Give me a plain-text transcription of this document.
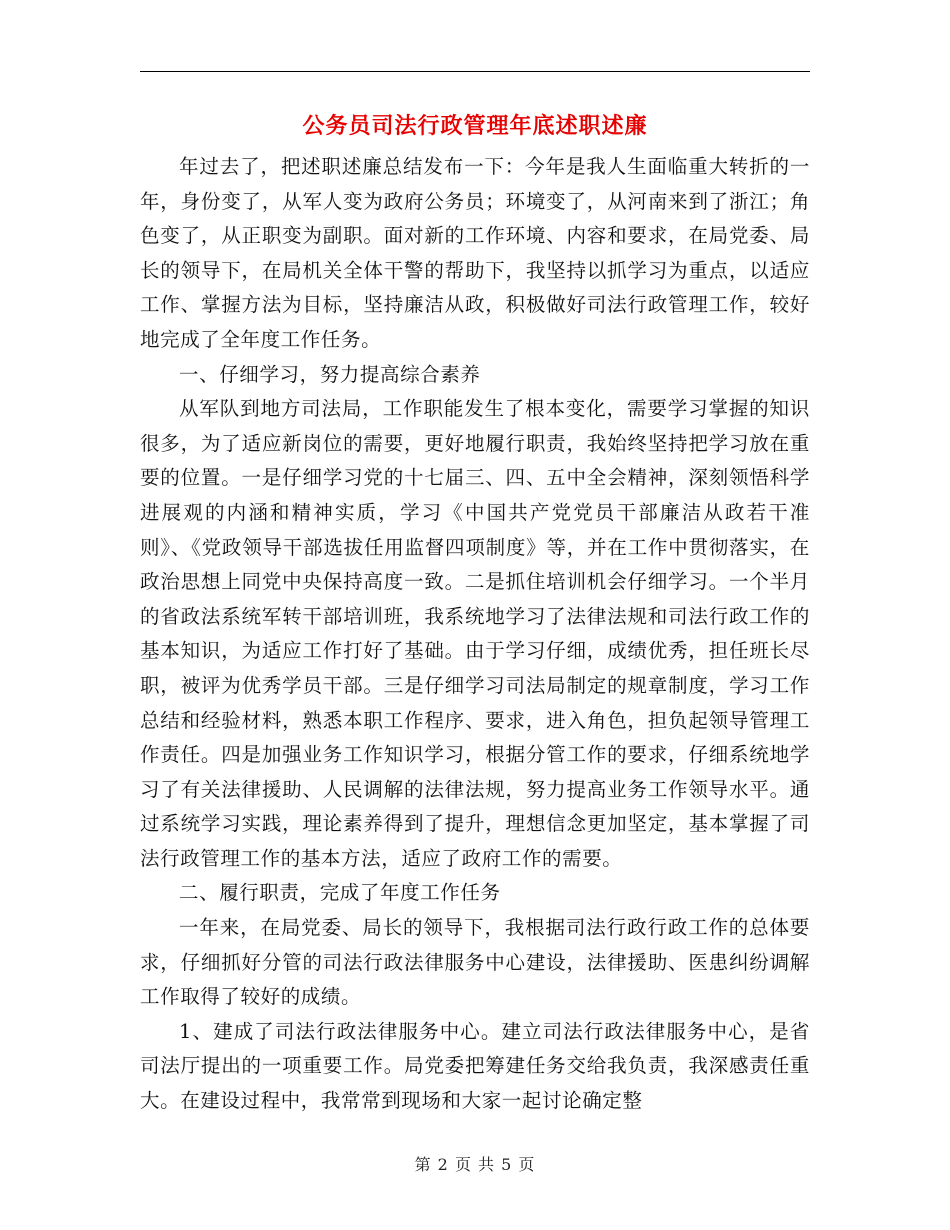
公务员司法行政管理年底述职述廉

年过去了，把述职述廉总结发布一下：今年是我人生面临重大转折的一年，身份变了，从军人变为政府公务员；环境变了，从河南来到了浙江；角色变了，从正职变为副职。面对新的工作环境、内容和要求，在局党委、局长的领导下，在局机关全体干警的帮助下，我坚持以抓学习为重点，以适应工作、掌握方法为目标，坚持廉洁从政，积极做好司法行政管理工作，较好地完成了全年度工作任务。

一、仔细学习，努力提高综合素养

从军队到地方司法局，工作职能发生了根本变化，需要学习掌握的知识很多，为了适应新岗位的需要，更好地履行职责，我始终坚持把学习放在重要的位置。一是仔细学习党的十七届三、四、五中全会精神，深刻领悟科学进展观的内涵和精神实质，学习《中国共产党党员干部廉洁从政若干准则》、《党政领导干部选拔任用监督四项制度》等，并在工作中贯彻落实，在政治思想上同党中央保持高度一致。二是抓住培训机会仔细学习。一个半月的省政法系统军转干部培训班，我系统地学习了法律法规和司法行政工作的基本知识，为适应工作打好了基础。由于学习仔细，成绩优秀，担任班长尽职，被评为优秀学员干部。三是仔细学习司法局制定的规章制度，学习工作总结和经验材料，熟悉本职工作程序、要求，进入角色，担负起领导管理工作责任。四是加强业务工作知识学习，根据分管工作的要求，仔细系统地学习了有关法律援助、人民调解的法律法规，努力提高业务工作领导水平。通过系统学习实践，理论素养得到了提升，理想信念更加坚定，基本掌握了司法行政管理工作的基本方法，适应了政府工作的需要。

二、履行职责，完成了年度工作任务

一年来，在局党委、局长的领导下，我根据司法行政行政工作的总体要求，仔细抓好分管的司法行政法律服务中心建设，法律援助、医患纠纷调解工作取得了较好的成绩。

1、建成了司法行政法律服务中心。建立司法行政法律服务中心，是省司法厅提出的一项重要工作。局党委把筹建任务交给我负责，我深感责任重大。在建设过程中，我常常到现场和大家一起讨论确定整

第 2 页 共 5 页
